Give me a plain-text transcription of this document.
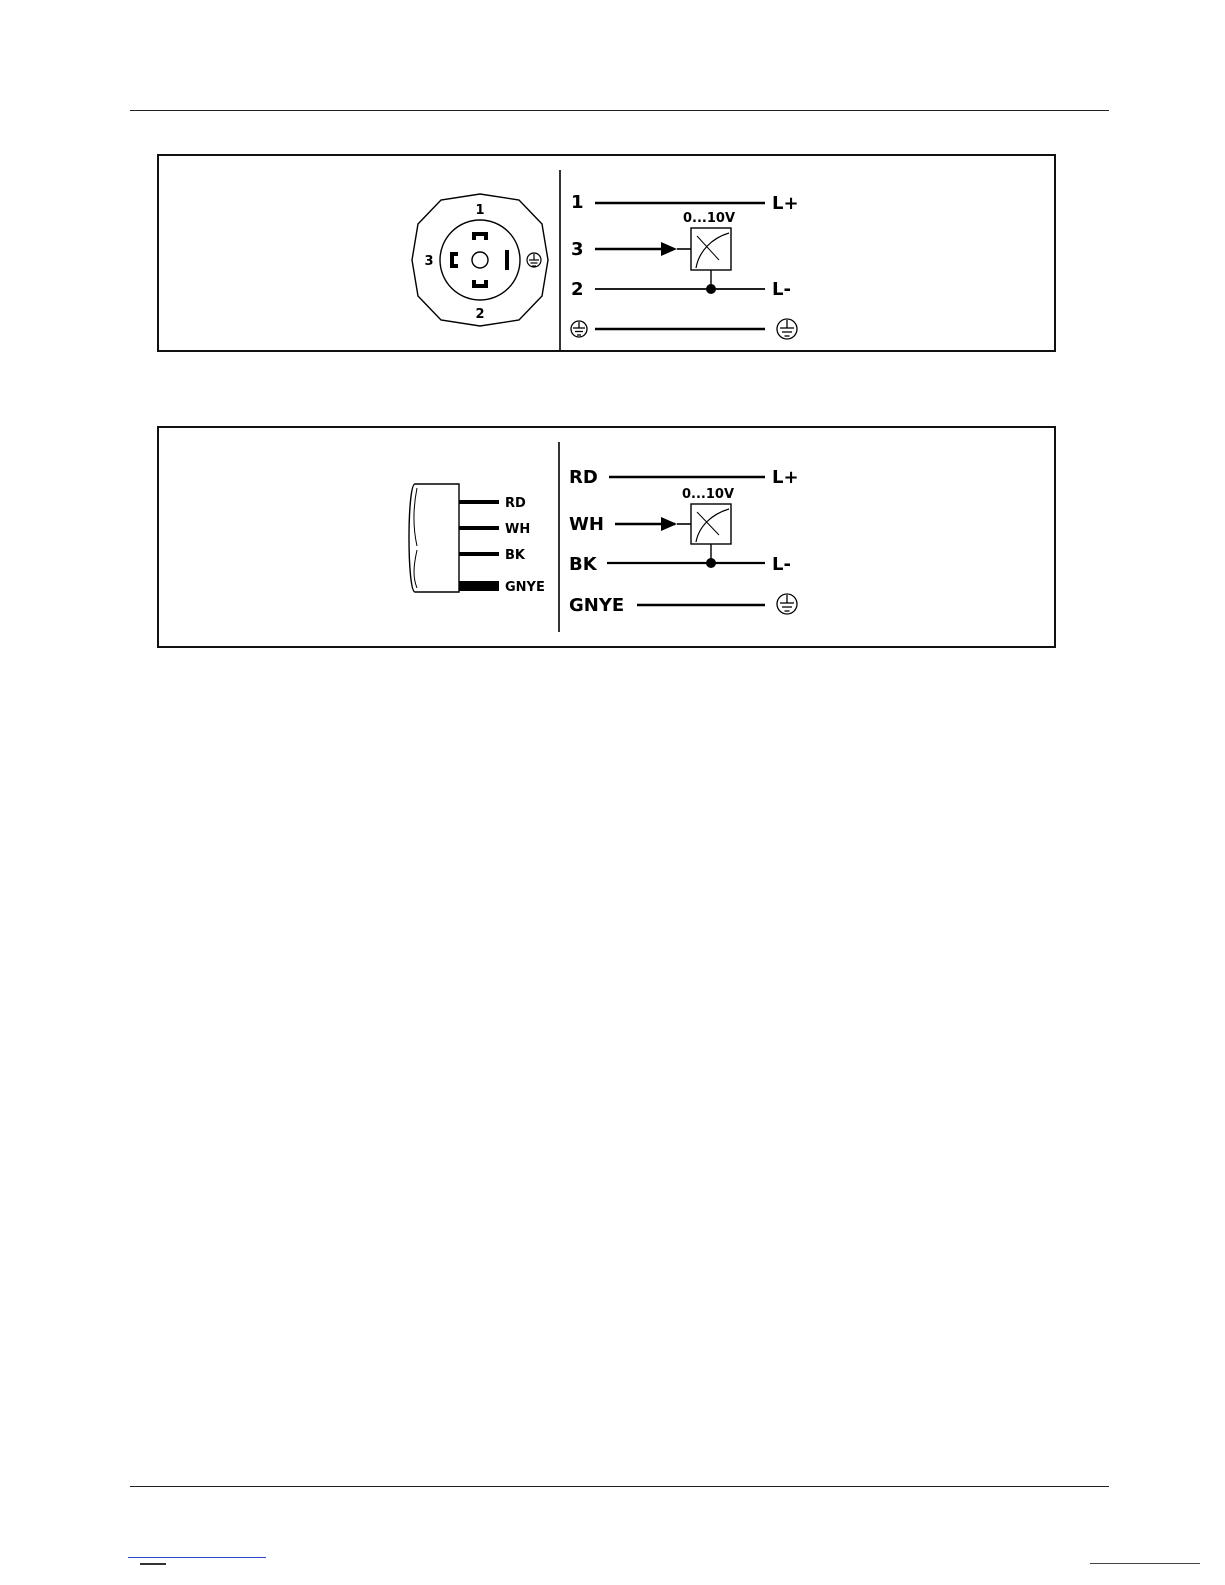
1
2
3
1	L+
0...10V
3
2	L-
RD
WH
BK
GNYE
RD	L+
0...10V
WH
BK	L-
GNYE
